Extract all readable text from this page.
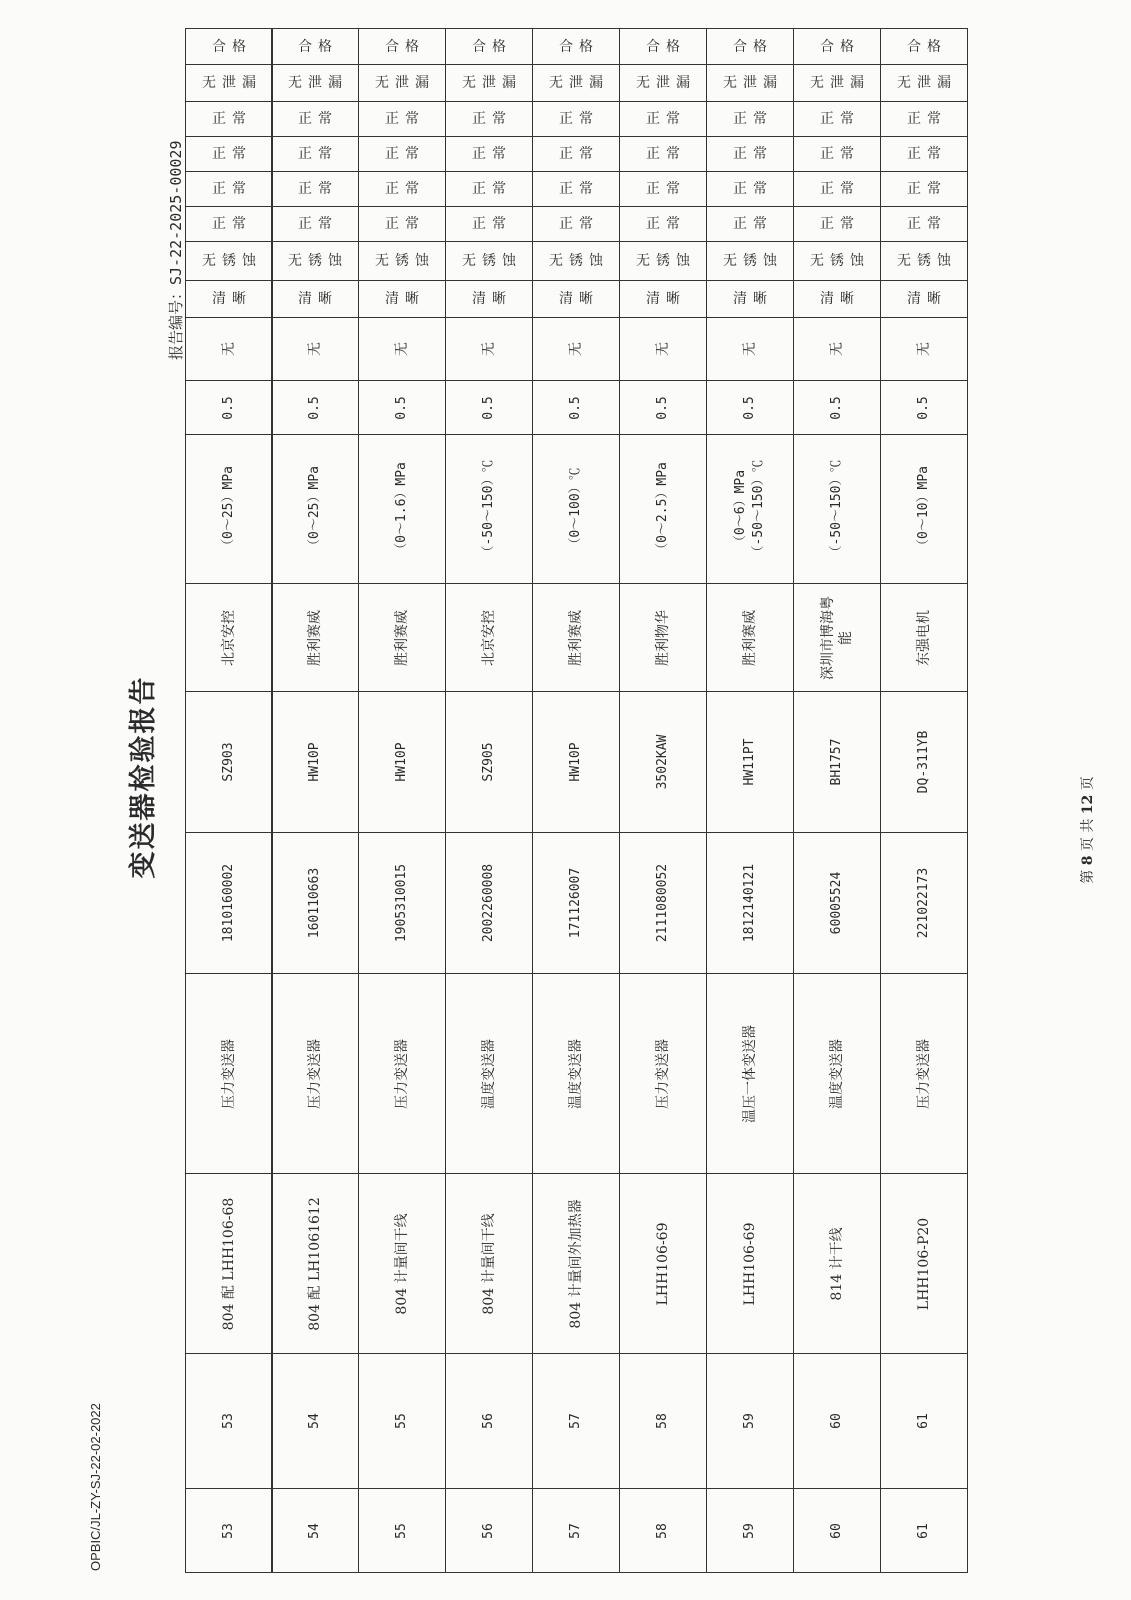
变送器检验报告
报告编号：SJ-22-2025-00029
OPBIC/JL-ZY-SJ-22-02-2022
第 8 页 共 12 页
53
53
804 配 LHH106-68
压力变送器
1810160002
SZ903
北京安控
（0～25）MPa
0.5
无
清 晰
无 锈 蚀
正 常
正 常
正 常
正 常
无 泄 漏
合 格
54
54
804 配 LH1061612
压力变送器
160110663
HW10P
胜利赛威
（0～25）MPa
0.5
无
清 晰
无 锈 蚀
正 常
正 常
正 常
正 常
无 泄 漏
合 格
55
55
804 计量间干线
压力变送器
1905310015
HW10P
胜利赛威
（0～1.6）MPa
0.5
无
清 晰
无 锈 蚀
正 常
正 常
正 常
正 常
无 泄 漏
合 格
56
56
804 计量间干线
温度变送器
2002260008
SZ905
北京安控
（-50～150）℃
0.5
无
清 晰
无 锈 蚀
正 常
正 常
正 常
正 常
无 泄 漏
合 格
57
57
804 计量间外加热器
温度变送器
171126007
HW10P
胜利赛威
（0～100）℃
0.5
无
清 晰
无 锈 蚀
正 常
正 常
正 常
正 常
无 泄 漏
合 格
58
58
LHH106-69
压力变送器
2111080052
3502KAW
胜利物华
（0～2.5）MPa
0.5
无
清 晰
无 锈 蚀
正 常
正 常
正 常
正 常
无 泄 漏
合 格
59
59
LHH106-69
温压一体变送器
1812140121
HW11PT
胜利赛威
（0～6）MPa
（-50～150）℃
0.5
无
清 晰
无 锈 蚀
正 常
正 常
正 常
正 常
无 泄 漏
合 格
60
60
814 计干线
温度变送器
60005524
BH1757
深圳市博海粤能
（-50～150）℃
0.5
无
清 晰
无 锈 蚀
正 常
正 常
正 常
正 常
无 泄 漏
合 格
61
61
LHH106-P20
压力变送器
221022173
DQ-311YB
东强电机
（0～10）MPa
0.5
无
清 晰
无 锈 蚀
正 常
正 常
正 常
正 常
无 泄 漏
合 格
